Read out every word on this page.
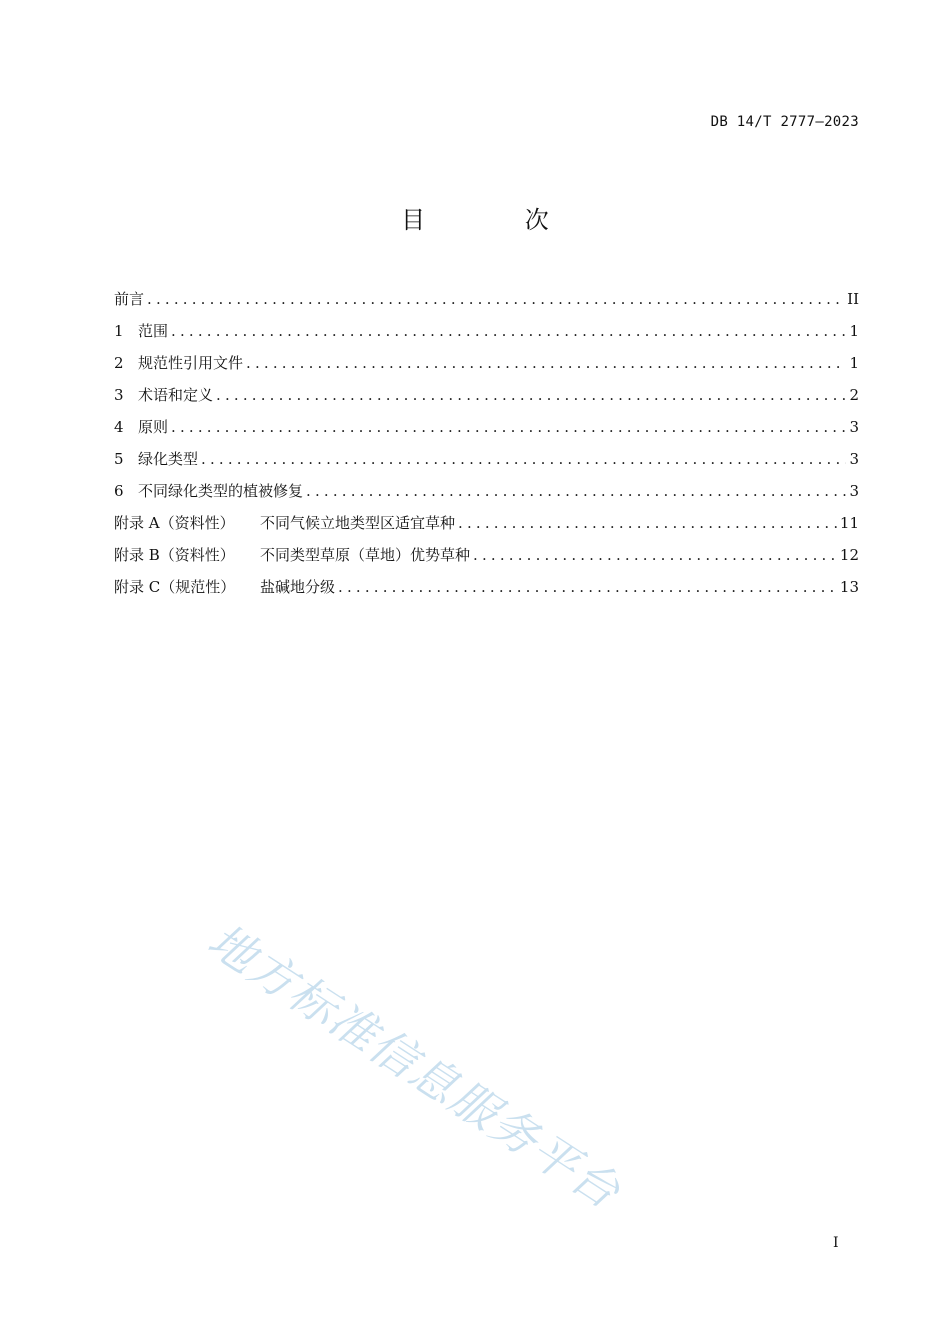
DB 14/T 2777—2023
目 次
前言 . . .	II
1 范围 . . .	1
2 规范性引用文件 . . .	1
3 术语和定义 . . .	2
4 原则 . . .	3
5 绿化类型 . . .	3
6 不同绿化类型的植被修复 . . .	3
附录 A（资料性）	不同气候立地类型区适宜草种 . . .	11
附录 B（资料性）	不同类型草原（草地）优势草种 . . .	12
附录 C（规范性）	盐碱地分级 . . .	13
地方标准信息服务平台
I
